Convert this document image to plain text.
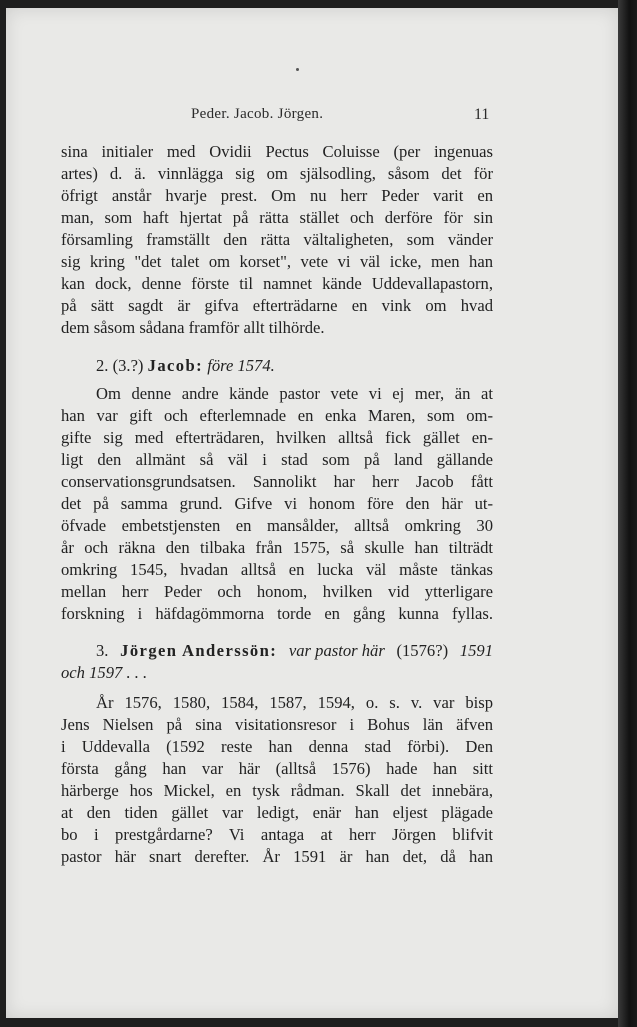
Peder. Jacob. Jörgen.	11
sina initialer med Ovidii Pectus Coluisse (per ingenuas
artes) d. ä. vinnlägga sig om själsodling, såsom det för
öfrigt anstår hvarje prest. Om nu herr Peder varit en
man, som haft hjertat på rätta stället och derföre för sin
församling framställt den rätta vältaligheten, som vänder
sig kring "det talet om korset", vete vi väl icke, men han
kan dock, denne förste til namnet kände Uddevallapastorn,
på sätt sagdt är gifva efterträdarne en vink om hvad
dem såsom sådana framför allt tilhörde.
2. (3.?) Jacob: före 1574.
Om denne andre kände pastor vete vi ej mer, än at
han var gift och efterlemnade en enka Maren, som om-
gifte sig med efterträdaren, hvilken alltså fick gället en-
ligt den allmänt så väl i stad som på land gällande
conservationsgrundsatsen. Sannolikt har herr Jacob fått
det på samma grund. Gifve vi honom före den här ut-
öfvade embetstjensten en mansålder, alltså omkring 30
år och räkna den tilbaka från 1575, så skulle han tilträdt
omkring 1545, hvadan alltså en lucka väl måste tänkas
mellan herr Peder och honom, hvilken vid ytterligare
forskning i häfdagömmorna torde en gång kunna fyllas.
3. Jörgen Anderssön: var pastor här (1576?) 1591
och 1597 . . .
År 1576, 1580, 1584, 1587, 1594, o. s. v. var bisp
Jens Nielsen på sina visitationsresor i Bohus län äfven
i Uddevalla (1592 reste han denna stad förbi). Den
första gång han var här (alltså 1576) hade han sitt
härberge hos Mickel, en tysk rådman. Skall det innebära,
at den tiden gället var ledigt, enär han eljest plägade
bo i prestgårdarne? Vi antaga at herr Jörgen blifvit
pastor här snart derefter. År 1591 är han det, då han
